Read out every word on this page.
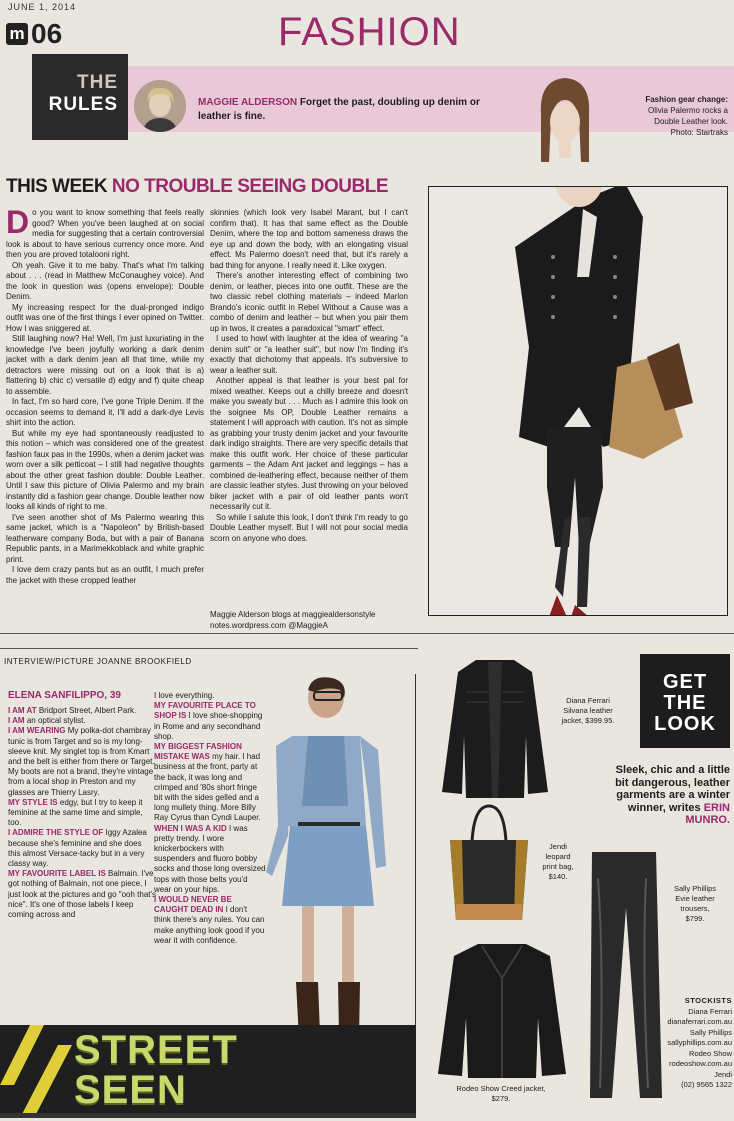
JUNE 1, 2014
m 06	FASHION
THE
RULES	MAGGIE ALDERSON Forget the past, doubling up denim or leather is fine.
Fashion gear change:
Olivia Palermo rocks a Double Leather look.
Photo: Startraks
THIS WEEK NO TROUBLE SEEING DOUBLE

Do you want to know something that feels really good? When you've been laughed at on social media for suggesting that a certain controversial look is about to have serious currency once more. And then you are proved totalooni right.

Oh yeah. Give it to me baby. That's what I'm talking about . . . (read in Matthew McConaughey voice). And the look in question was (opens envelope): Double Denim.

My increasing respect for the dual-pronged indigo outfit was one of the first things I ever opined on Twitter. How I was sniggered at.

Still laughing now? Ha! Well, I'm just luxuriating in the knowledge I've been joyfully working a dark denim jacket with a dark denim jean all that time, while my detractors were missing out on a look that is a) flattering b) chic c) versatile d) edgy and f) quite cheap to assemble.

In fact, I'm so hard core, I've gone Triple Denim. If the occasion seems to demand it, I'll add a dark-dye Levis shirt into the action.

But while my eye had spontaneously readjusted to this notion – which was considered one of the greatest fashion faux pas in the 1990s, when a denim jacket was worn over a silk petticoat – I still had negative thoughts about the other great fashion double: Double Leather. Until I saw this picture of Olivia Palermo and my brain instantly did a fashion gear change. Double leather now looks all kinds of right to me.

I've seen another shot of Ms Palermo wearing this same jacket, which is a "Napoleon" by British-based leatherware company Boda, but with a pair of Banana Republic pants, in a Marimekkoblack and white graphic print.

I love dem crazy pants but as an outfit, I much prefer the jacket with these cropped leather

skinnies (which look very Isabel Marant, but I can't confirm that). It has that same effect as the Double Denim, where the top and bottom sameness draws the eye up and down the body, with an elongating visual effect. Ms Palermo doesn't need that, but it's rarely a bad thing for anyone. I really need it. Like oxygen.

There's another interesting effect of combining two denim, or leather, pieces into one outfit. These are the two classic rebel clothing materials – indeed Marlon Brando's iconic outfit in Rebel Without a Cause was a combo of denim and leather – but when you pair them up in twos, it creates a paradoxical "smart" effect.

I used to howl with laughter at the idea of wearing "a denim suit" or "a leather suit", but now I'm finding it's exactly that dichotomy that appeals. It's subversive to wear a leather suit.

Another appeal is that leather is your best pal for mixed weather. Keeps out a chilly breeze and doesn't make you sweaty but . . . Much as I admire this look on the soignee Ms OP, Double Leather remains a statement I will approach with caution. It's not as simple as grabbing your trusty denim jacket and your favourite dark indigo straights. There are very specific details that make this outfit work. Her choice of these particular garments – the Adam Ant jacket and leggings – has a combined de-leathering effect, because neither of them are classic leather styles. Just throwing on your beloved biker jacket with a pair of old leather pants won't necessarily cut it.

So while I salute this look, I don't think I'm ready to go Double Leather myself. But I will not pour social media scorn on anyone who does.

Maggie Alderson blogs at maggiealdersonstyle notes.wordpress.com @MaggieA
INTERVIEW/PICTURE JOANNE BROOKFIELD
ELENA SANFILIPPO, 39
I AM AT Bridport Street, Albert Park.
I AM an optical stylist.
I AM WEARING My polka-dot chambray tunic is from Target and so is my long-sleeve knit. My singlet top is from Kmart and the belt is either from there or Target. My boots are not a brand, they're vintage from a local shop in Preston and my glasses are Thierry Lasry.
MY STYLE IS edgy, but I try to keep it feminine at the same time and simple, too.
I ADMIRE THE STYLE OF Iggy Azalea because she's feminine and she does this almost Versace-tacky but in a very classy way.
MY FAVOURITE LABEL IS Balmain. I've got nothing of Balmain, not one piece, I just look at the pictures and go "ooh that's nice". It's one of those labels I keep coming across and
I love everything.
MY FAVOURITE PLACE TO SHOP IS I love shoe-shopping in Rome and any secondhand shop.
MY BIGGEST FASHION MISTAKE WAS my hair. I had business at the front, party at the back, it was long and crimped and '80s short fringe bit with the sides gelled and a long mullety thing. More Billy Ray Cyrus than Cyndi Lauper.
WHEN I WAS A KID I was pretty trendy. I wore knickerbockers with suspenders and fluoro bobby socks and those long oversized tops with those belts you'd wear on your hips.
I WOULD NEVER BE CAUGHT DEAD IN I don't think there's any rules. You can make anything look good if you wear it with confidence.
STREET
SEEN
GET
THE
LOOK
Sleek, chic and a little bit dangerous, leather garments are a winter winner, writes ERIN MUNRO.
Diana Ferrari Silvana leather jacket, $399.95.
Jendi leopard print bag, $140.
Sally Phillips Evie leather trousers, $799.
Rodeo Show Creed jacket, $279.
STOCKISTS
Diana Ferrari
dianaferrari.com.au
Sally Phillips
sallyphillips.com.au
Rodeo Show
rodeoshow.com.au
Jendi
(02) 9565 1322
